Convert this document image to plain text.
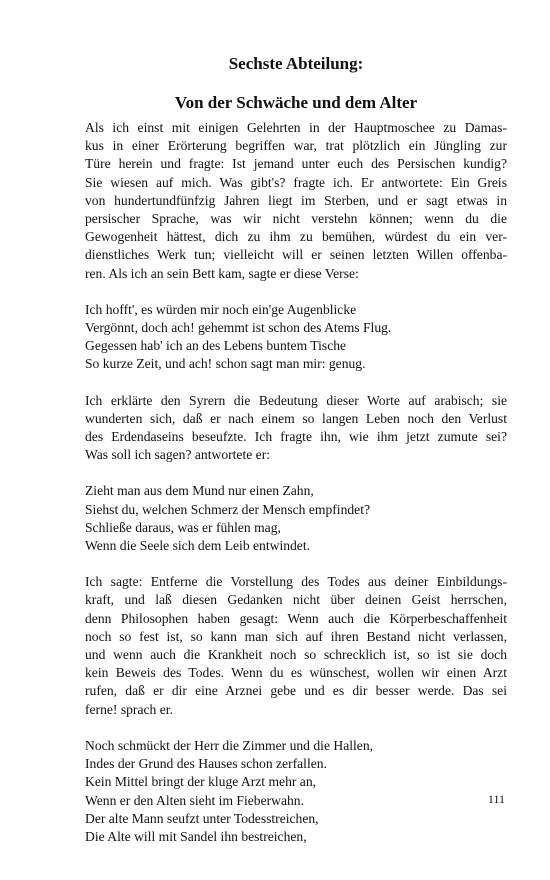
Sechste Abteilung:
Von der Schwäche und dem Alter
Als ich einst mit einigen Gelehrten in der Hauptmoschee zu Damas-
kus in einer Erörterung begriffen war, trat plötzlich ein Jüngling zur
Türe herein und fragte: Ist jemand unter euch des Persischen kundig?
Sie wiesen auf mich. Was gibt's? fragte ich. Er antwortete: Ein Greis
von hundertundfünfzig Jahren liegt im Sterben, und er sagt etwas in
persischer Sprache, was wir nicht verstehn können; wenn du die
Gewogenheit hättest, dich zu ihm zu bemühen, würdest du ein ver-
dienstliches Werk tun; vielleicht will er seinen letzten Willen offenba-
ren. Als ich an sein Bett kam, sagte er diese Verse:
Ich hofft', es würden mir noch ein'ge Augenblicke
Vergönnt, doch ach! gehemmt ist schon des Atems Flug.
Gegessen hab' ich an des Lebens buntem Tische
So kurze Zeit, und ach! schon sagt man mir: genug.
Ich erklärte den Syrern die Bedeutung dieser Worte auf arabisch; sie
wunderten sich, daß er nach einem so langen Leben noch den Verlust
des Erdendaseins beseufzte. Ich fragte ihn, wie ihm jetzt zumute sei?
Was soll ich sagen? antwortete er:
Zieht man aus dem Mund nur einen Zahn,
Siehst du, welchen Schmerz der Mensch empfindet?
Schließe daraus, was er fühlen mag,
Wenn die Seele sich dem Leib entwindet.
Ich sagte: Entferne die Vorstellung des Todes aus deiner Einbildungs-
kraft, und laß diesen Gedanken nicht über deinen Geist herrschen,
denn Philosophen haben gesagt: Wenn auch die Körperbeschaffenheit
noch so fest ist, so kann man sich auf ihren Bestand nicht verlassen,
und wenn auch die Krankheit noch so schrecklich ist, so ist sie doch
kein Beweis des Todes. Wenn du es wünschest, wollen wir einen Arzt
rufen, daß er dir eine Arznei gebe und es dir besser werde. Das sei
ferne! sprach er.
Noch schmückt der Herr die Zimmer und die Hallen,
Indes der Grund des Hauses schon zerfallen.
Kein Mittel bringt der kluge Arzt mehr an,
Wenn er den Alten sieht im Fieberwahn.
Der alte Mann seufzt unter Todesstreichen,
Die Alte will mit Sandel ihn bestreichen,
111
